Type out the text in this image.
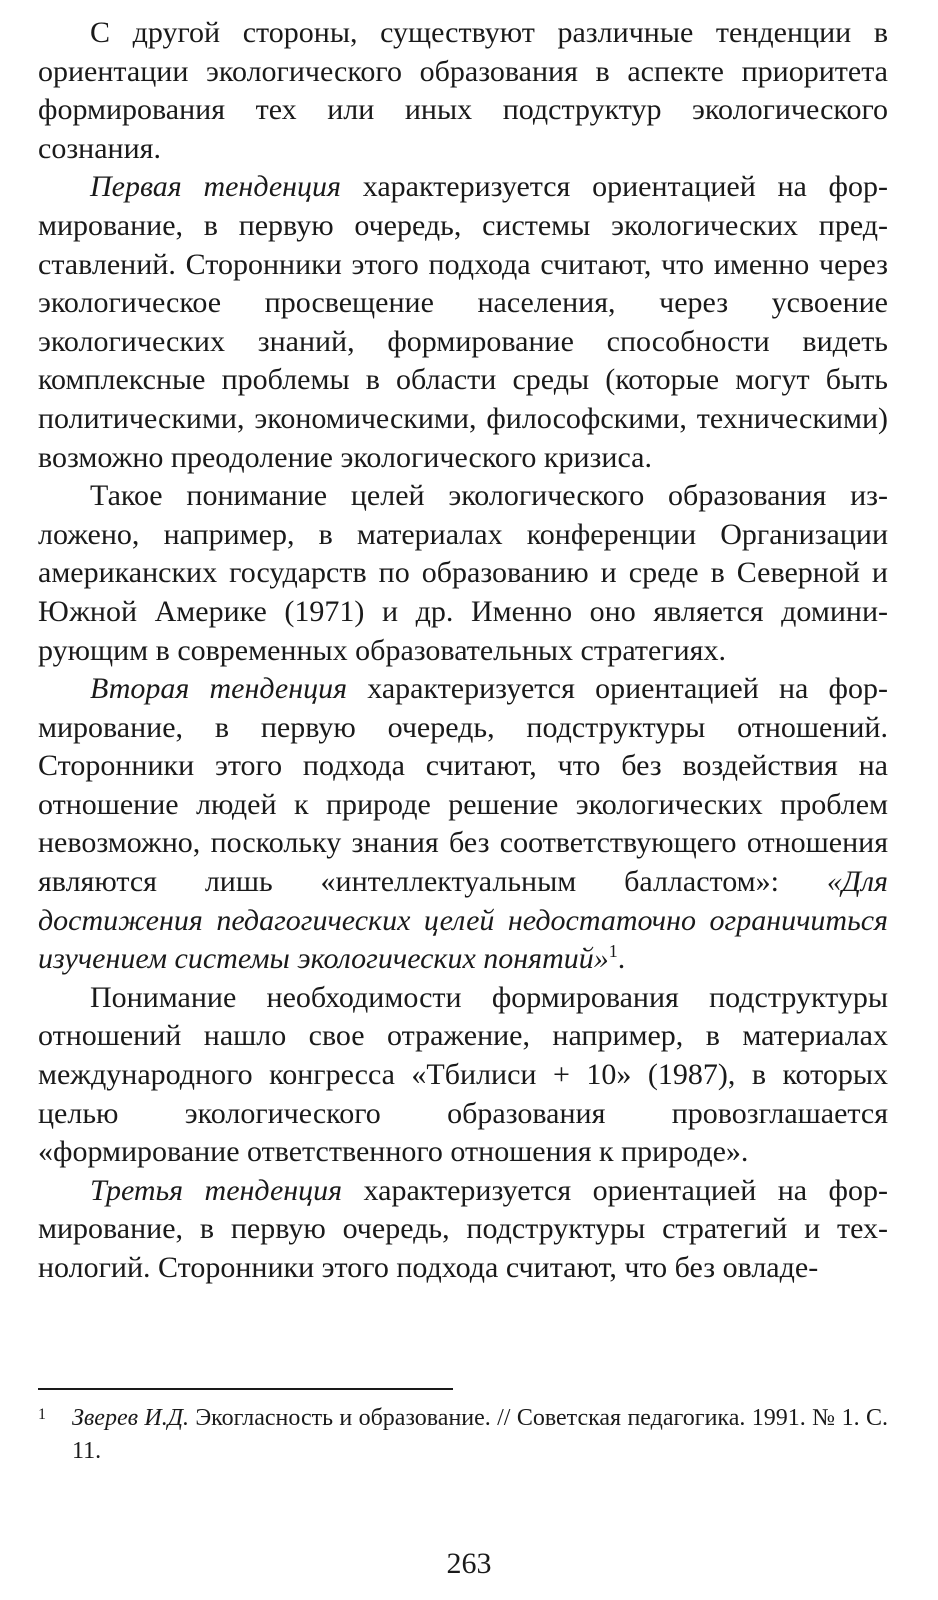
С другой стороны, существуют различные тенденции в ориентации экологического образования в аспекте приоритета формирования тех или иных подструктур экологического сознания.

Первая тенденция характеризуется ориентацией на формирование, в первую очередь, системы экологических представлений. Сторонники этого подхода считают, что именно через экологическое просвещение населения, через усвоение экологических знаний, формирование способности видеть комплексные проблемы в области среды (которые могут быть политическими, экономическими, философскими, техническими) возможно преодоление экологического кризиса.

Такое понимание целей экологического образования изложено, например, в материалах конференции Организации американских государств по образованию и среде в Северной и Южной Америке (1971) и др. Именно оно является доминирующим в современных образовательных стратегиях.

Вторая тенденция характеризуется ориентацией на формирование, в первую очередь, подструктуры отношений. Сторонники этого подхода считают, что без воздействия на отношение людей к природе решение экологических проблем невозможно, поскольку знания без соответствующего отношения являются лишь «интеллектуальным балластом»: «Для достижения педагогических целей недостаточно ограничиться изучением системы экологических понятий»$^1$.

Понимание необходимости формирования подструктуры отношений нашло свое отражение, например, в материалах международного конгресса «Тбилиси + 10» (1987), в которых целью экологического образования провозглашается «формирование ответственного отношения к природе».

Третья тенденция характеризуется ориентацией на формирование, в первую очередь, подструктуры стратегий и технологий. Сторонники этого подхода считают, что без овладе-

1	Зверев И.Д. Экогласность и образование. // Советская педагогика. 1991. № 1. С. 11.
263
